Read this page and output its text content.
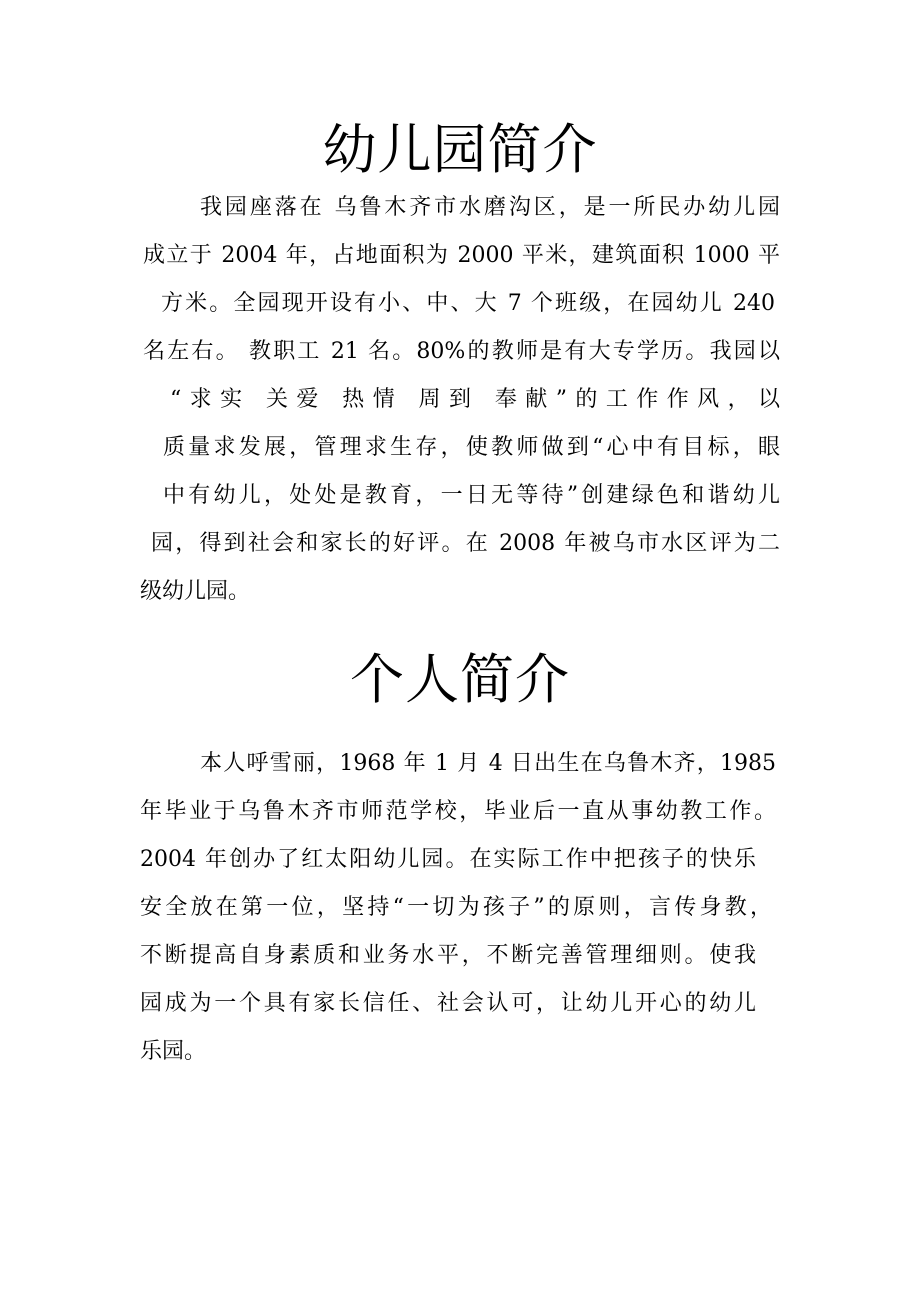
幼儿园简介

我园座落在 乌鲁木齐市水磨沟区，是一所民办幼儿园

成立于 2004 年，占地面积为 2000 平米，建筑面积 1000 平

方米。全园现开设有小、中、大 7 个班级，在园幼儿 240

名左右。 教职工 21 名。80%的教师是有大专学历。我园以

“求实 关爱 热情 周到 奉献”的工作作风，以

质量求发展，管理求生存，使教师做到“心中有目标，眼

中有幼儿，处处是教育，一日无等待”创建绿色和谐幼儿

园，得到社会和家长的好评。在 2008 年被乌市水区评为二

级幼儿园。

个人简介

本人呼雪丽，1968 年 1 月 4 日出生在乌鲁木齐，1985

年毕业于乌鲁木齐市师范学校，毕业后一直从事幼教工作。

2004 年创办了红太阳幼儿园。在实际工作中把孩子的快乐

安全放在第一位，坚持“一切为孩子”的原则，言传身教，

不断提高自身素质和业务水平，不断完善管理细则。使我

园成为一个具有家长信任、社会认可，让幼儿开心的幼儿

乐园。
